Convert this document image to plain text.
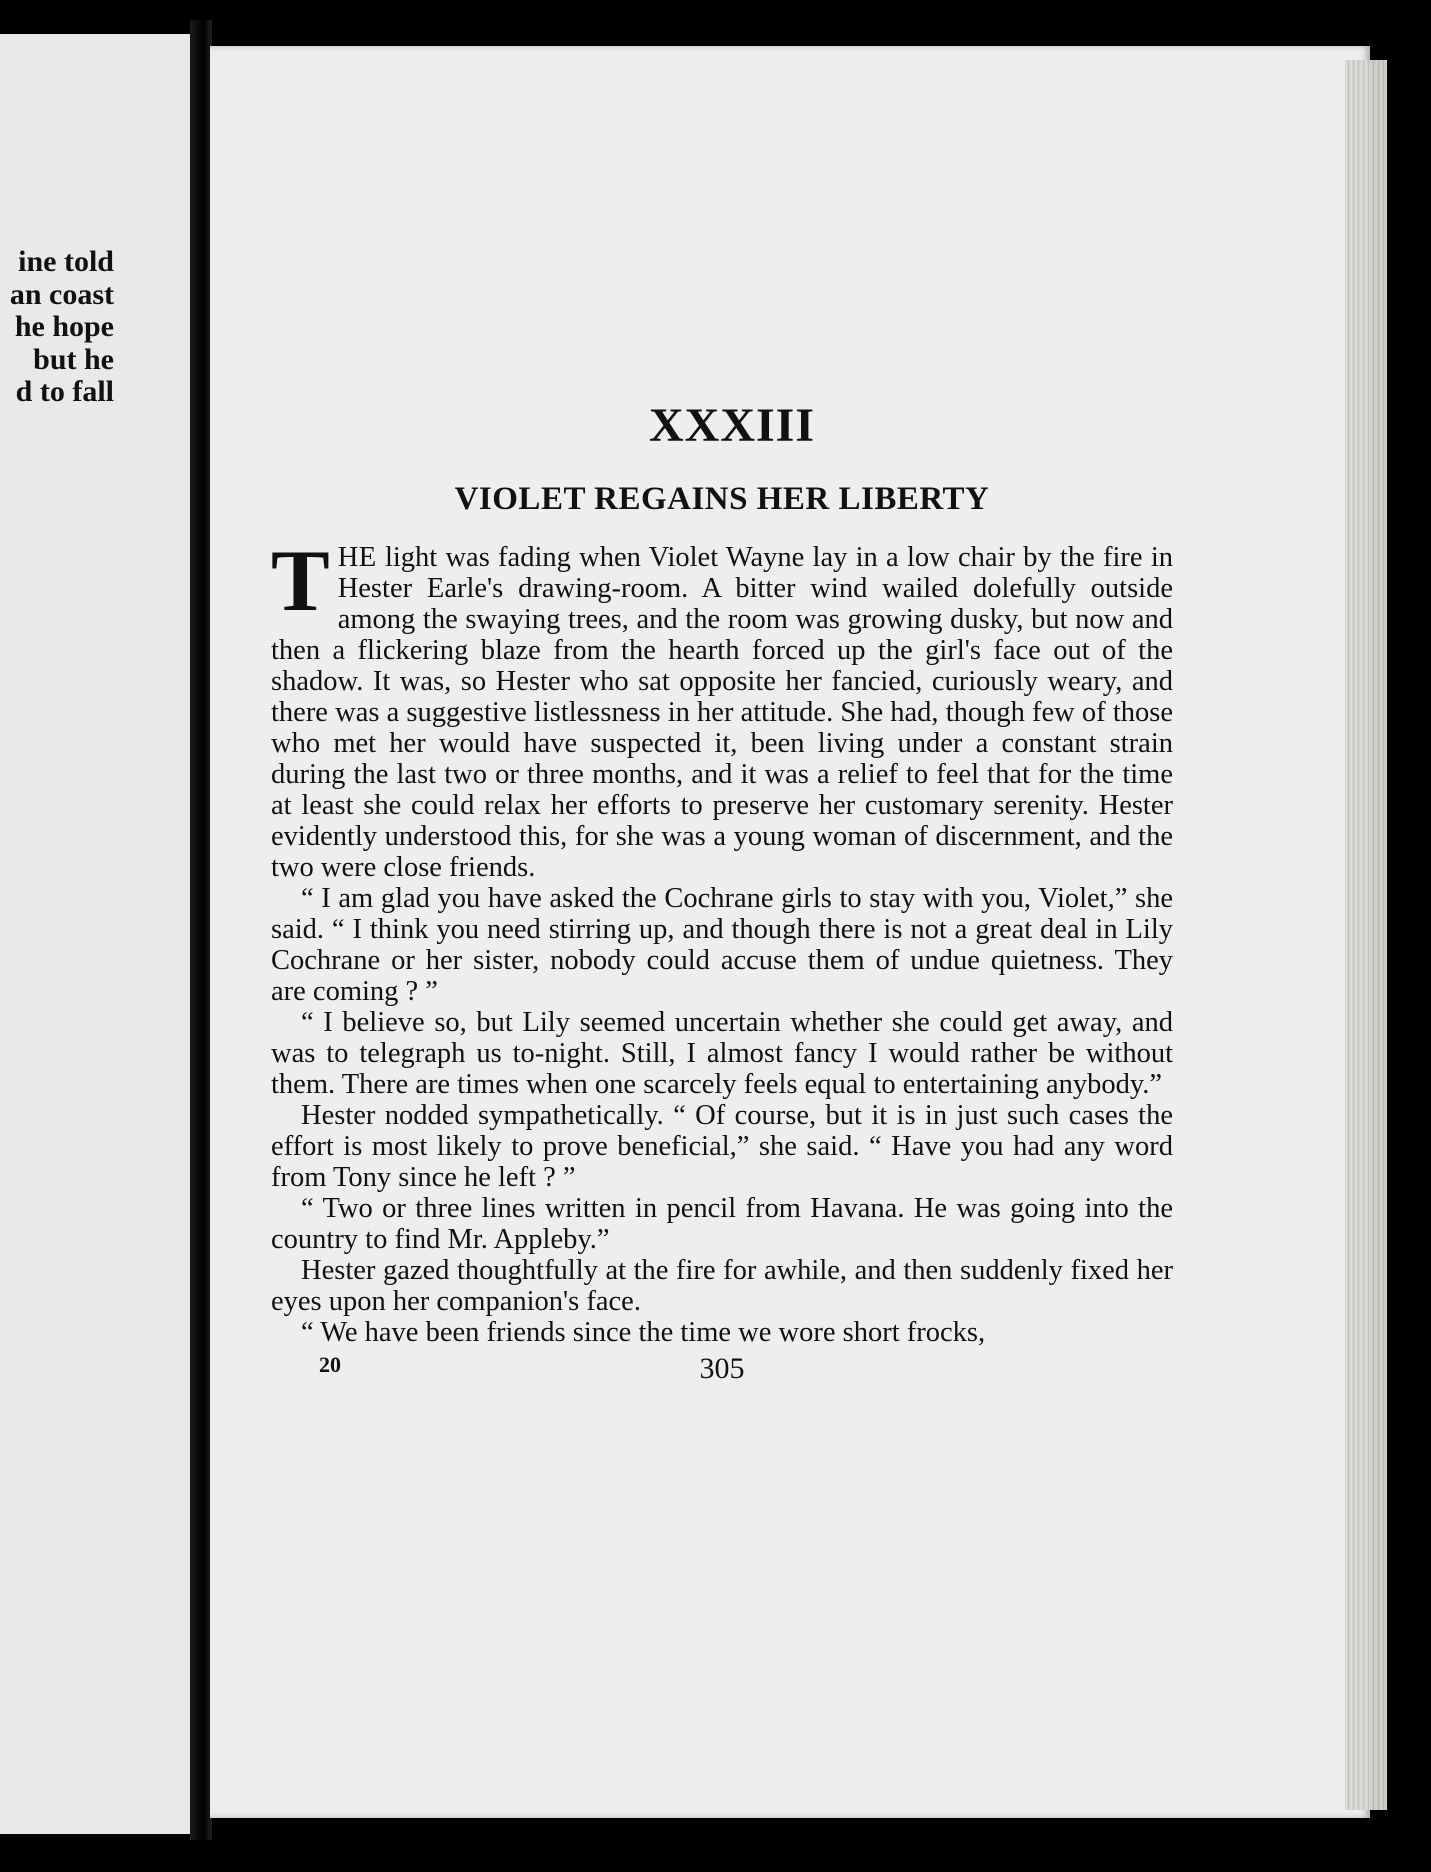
ine told
an coast
he hope
but he
d to fall
XXXIII
VIOLET REGAINS HER LIBERTY

THE light was fading when Violet Wayne lay in a low chair by the fire in Hester Earle's drawing-room. A bitter wind wailed dolefully outside among the swaying trees, and the room was growing dusky, but now and then a flickering blaze from the hearth forced up the girl's face out of the shadow. It was, so Hester who sat opposite her fancied, curiously weary, and there was a suggestive listlessness in her attitude. She had, though few of those who met her would have suspected it, been living under a constant strain during the last two or three months, and it was a relief to feel that for the time at least she could relax her efforts to preserve her customary serenity. Hester evidently understood this, for she was a young woman of discernment, and the two were close friends.

“ I am glad you have asked the Cochrane girls to stay with you, Violet,” she said. “ I think you need stirring up, and though there is not a great deal in Lily Cochrane or her sister, nobody could accuse them of undue quietness. They are coming ? ”

“ I believe so, but Lily seemed uncertain whether she could get away, and was to telegraph us to-night. Still, I almost fancy I would rather be without them. There are times when one scarcely feels equal to entertaining anybody.”

Hester nodded sympathetically. “ Of course, but it is in just such cases the effort is most likely to prove beneficial,” she said. “ Have you had any word from Tony since he left ? ”

“ Two or three lines written in pencil from Havana. He was going into the country to find Mr. Appleby.”

Hester gazed thoughtfully at the fire for awhile, and then suddenly fixed her eyes upon her companion's face.

“ We have been friends since the time we wore short frocks,

20	305
